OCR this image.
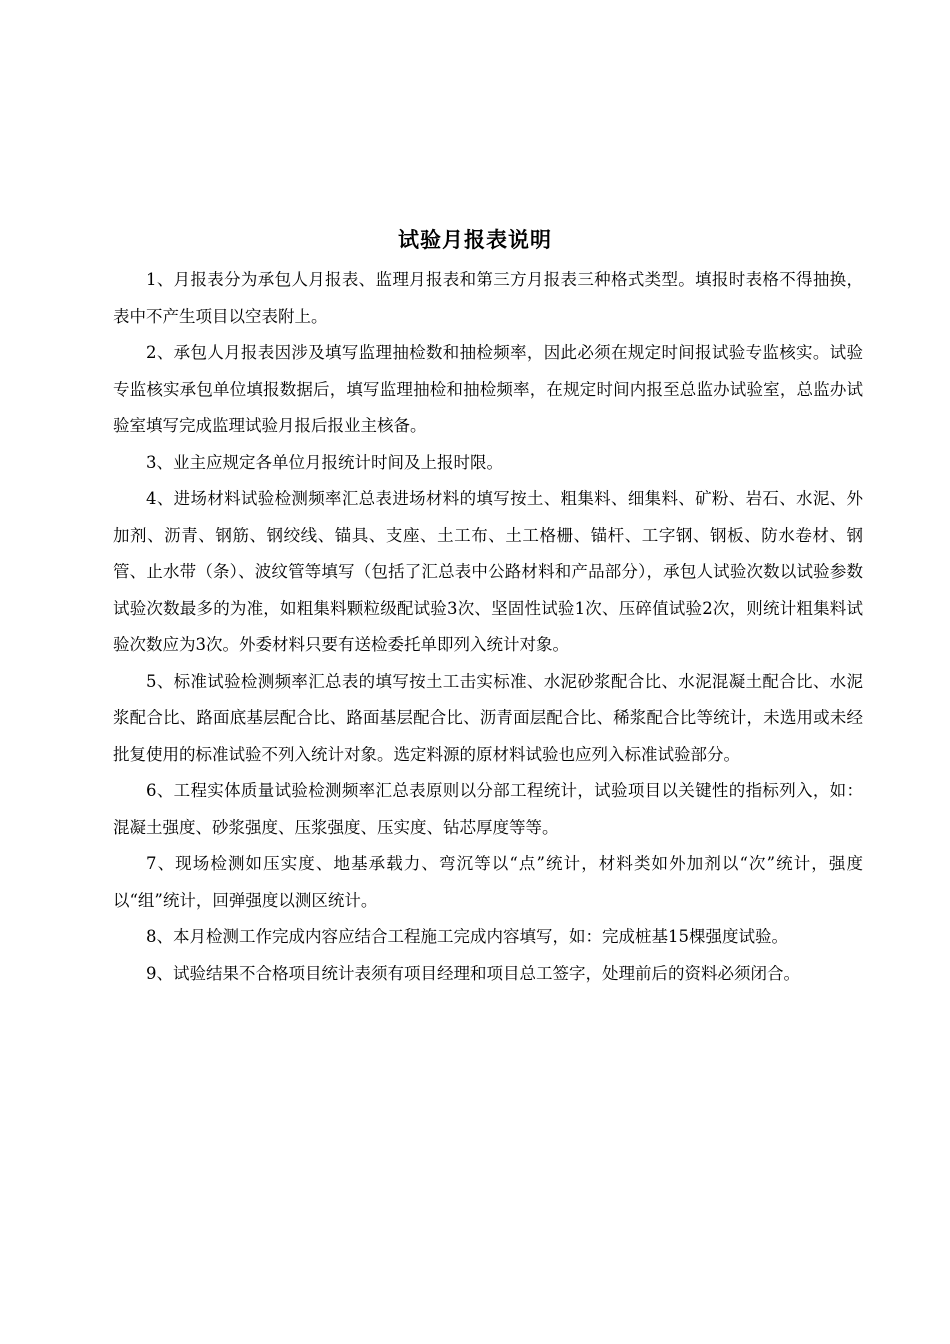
试验月报表说明

1、月报表分为承包人月报表、监理月报表和第三方月报表三种格式类型。填报时表格不得抽换，表中不产生项目以空表附上。

2、承包人月报表因涉及填写监理抽检数和抽检频率，因此必须在规定时间报试验专监核实。试验专监核实承包单位填报数据后，填写监理抽检和抽检频率，在规定时间内报至总监办试验室，总监办试验室填写完成监理试验月报后报业主核备。

3、业主应规定各单位月报统计时间及上报时限。

4、进场材料试验检测频率汇总表进场材料的填写按土、粗集料、细集料、矿粉、岩石、水泥、外加剂、沥青、钢筋、钢绞线、锚具、支座、土工布、土工格栅、锚杆、工字钢、钢板、防水卷材、钢管、止水带（条）、波纹管等填写（包括了汇总表中公路材料和产品部分），承包人试验次数以试验参数试验次数最多的为准，如粗集料颗粒级配试验3次、坚固性试验1次、压碎值试验2次，则统计粗集料试验次数应为3次。外委材料只要有送检委托单即列入统计对象。

5、标准试验检测频率汇总表的填写按土工击实标准、水泥砂浆配合比、水泥混凝土配合比、水泥浆配合比、路面底基层配合比、路面基层配合比、沥青面层配合比、稀浆配合比等统计，未选用或未经批复使用的标准试验不列入统计对象。选定料源的原材料试验也应列入标准试验部分。

6、工程实体质量试验检测频率汇总表原则以分部工程统计，试验项目以关键性的指标列入，如：混凝土强度、砂浆强度、压浆强度、压实度、钻芯厚度等等。

7、现场检测如压实度、地基承载力、弯沉等以“点”统计，材料类如外加剂以“次”统计，强度以“组”统计，回弹强度以测区统计。

8、本月检测工作完成内容应结合工程施工完成内容填写，如：完成桩基15棵强度试验。

9、试验结果不合格项目统计表须有项目经理和项目总工签字，处理前后的资料必须闭合。
